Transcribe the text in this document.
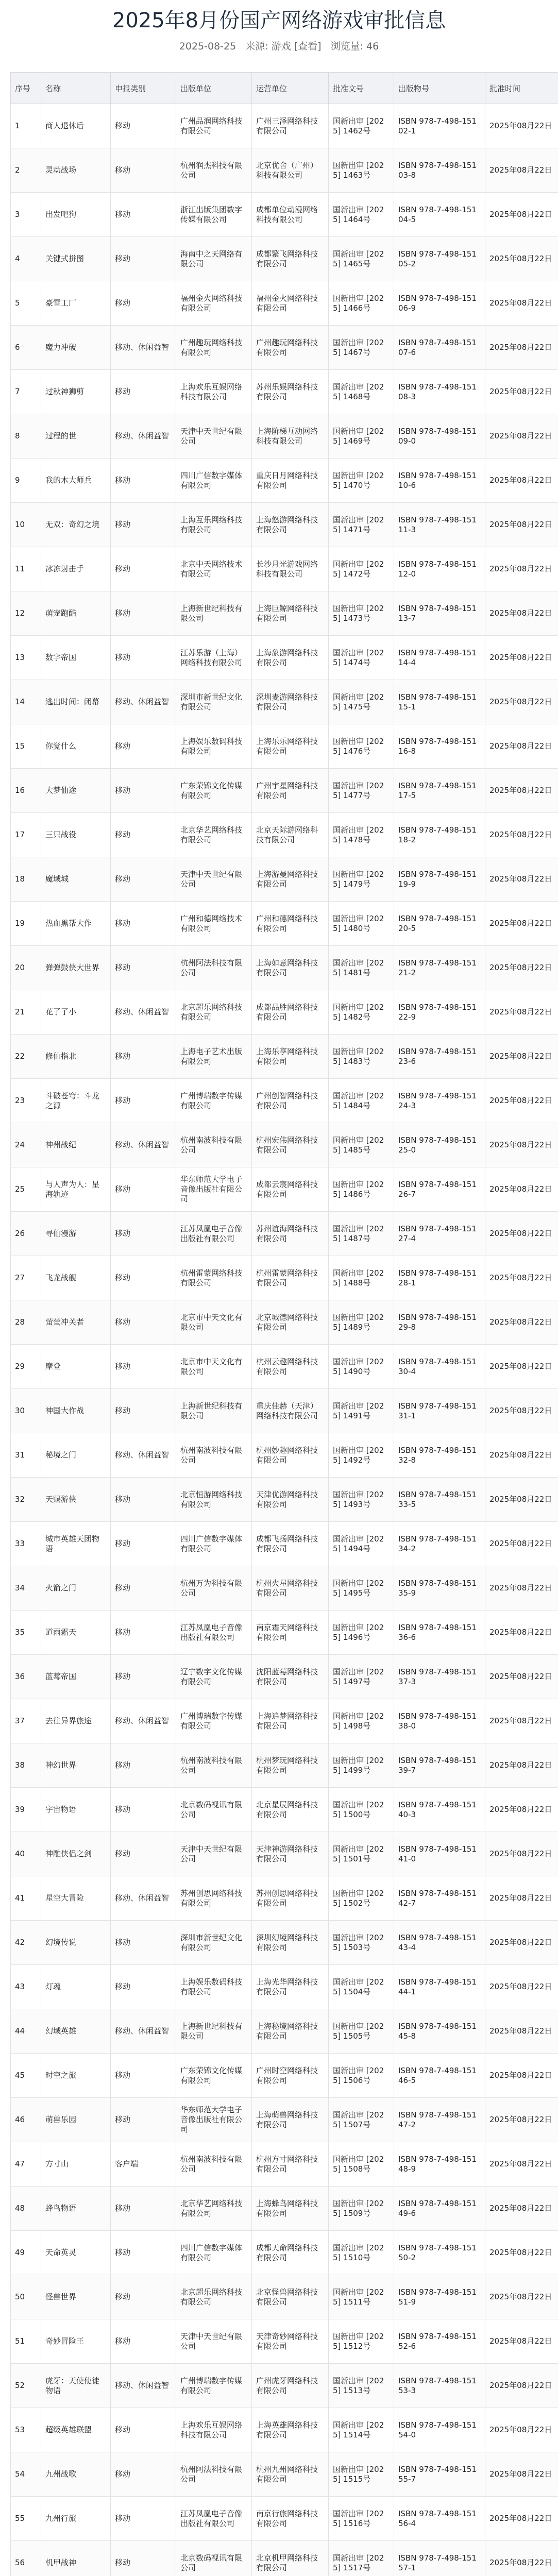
2025年8月份国产网络游戏审批信息
2025-08-25 来源: 游戏 [查看] 浏览量: 46
序号	名称	申报类别	出版单位	运营单位	批准文号	出版物号	批准时间
1	商人退休后	移动	广州品润网络科技有限公司	广州三泽网络科技有限公司	国新出审 [2025] 1462号	ISBN 978-7-498-15102-1	2025年08月22日
2	灵动战场	移动	杭州润杰科技有限公司	北京优舍（广州）科技有限公司	国新出审 [2025] 1463号	ISBN 978-7-498-15103-8	2025年08月22日
3	出发吧狗	移动	浙江出版集团数字传媒有限公司	成都单位动漫网络科技有限公司	国新出审 [2025] 1464号	ISBN 978-7-498-15104-5	2025年08月22日
4	关键式拼图	移动	海南中之天网络有限公司	成都繁飞网络科技有限公司	国新出审 [2025] 1465号	ISBN 978-7-498-15105-2	2025年08月22日
5	豪雪工厂	移动	福州金火网络科技有限公司	福州金火网络科技有限公司	国新出审 [2025] 1466号	ISBN 978-7-498-15106-9	2025年08月22日
6	魔力冲破	移动、休闲益智	广州趣玩网络科技有限公司	广州趣玩网络科技有限公司	国新出审 [2025] 1467号	ISBN 978-7-498-15107-6	2025年08月22日
7	过秋神狮剪	移动	上海欢乐互娱网络科技有限公司	苏州乐娱网络科技有限公司	国新出审 [2025] 1468号	ISBN 978-7-498-15108-3	2025年08月22日
8	过程的世	移动、休闲益智	天津中天世纪有限公司	上海阶梯互动网络科技有限公司	国新出审 [2025] 1469号	ISBN 978-7-498-15109-0	2025年08月22日
9	我的木大师兵	移动	四川广信数字媒体有限公司	重庆日月网络科技有限公司	国新出审 [2025] 1470号	ISBN 978-7-498-15110-6	2025年08月22日
10	无双：奇幻之境	移动	上海互乐网络科技有限公司	上海悠游网络科技有限公司	国新出审 [2025] 1471号	ISBN 978-7-498-15111-3	2025年08月22日
11	冰冻射击手	移动	北京中天网络技术有限公司	长沙月光游戏网络科技有限公司	国新出审 [2025] 1472号	ISBN 978-7-498-15112-0	2025年08月22日
12	萌宠跑酷	移动	上海新世纪科技有限公司	上海巨鲸网络科技有限公司	国新出审 [2025] 1473号	ISBN 978-7-498-15113-7	2025年08月22日
13	数字帝国	移动	江苏乐游（上海）网络科技有限公司	上海象游网络科技有限公司	国新出审 [2025] 1474号	ISBN 978-7-498-15114-4	2025年08月22日
14	逃出时间：闭幕	移动、休闲益智	深圳市新世纪文化有限公司	深圳麦游网络科技有限公司	国新出审 [2025] 1475号	ISBN 978-7-498-15115-1	2025年08月22日
15	你觉什么	移动	上海娱乐数码科技有限公司	上海乐乐网络科技有限公司	国新出审 [2025] 1476号	ISBN 978-7-498-15116-8	2025年08月22日
16	大梦仙途	移动	广东荣锦文化传媒有限公司	广州宇星网络科技有限公司	国新出审 [2025] 1477号	ISBN 978-7-498-15117-5	2025年08月22日
17	三只战役	移动	北京华艺网络科技有限公司	北京天际游网络科技有限公司	国新出审 [2025] 1478号	ISBN 978-7-498-15118-2	2025年08月22日
18	魔域城	移动	天津中天世纪有限公司	上海游曼网络科技有限公司	国新出审 [2025] 1479号	ISBN 978-7-498-15119-9	2025年08月22日
19	热血黑帮大作	移动	广州和德网络技术有限公司	广州和德网络科技有限公司	国新出审 [2025] 1480号	ISBN 978-7-498-15120-5	2025年08月22日
20	弹弹鼓侠大世界	移动	杭州阿法科技有限公司	上海如意网络科技有限公司	国新出审 [2025] 1481号	ISBN 978-7-498-15121-2	2025年08月22日
21	花了了小	移动、休闲益智	北京超乐网络科技有限公司	成都品胜网络科技有限公司	国新出审 [2025] 1482号	ISBN 978-7-498-15122-9	2025年08月22日
22	修仙指北	移动	上海电子艺术出版有限公司	上海乐享网络科技有限公司	国新出审 [2025] 1483号	ISBN 978-7-498-15123-6	2025年08月22日
23	斗破苍穹：斗龙之源	移动	广州博瑞数字传媒有限公司	广州创智网络科技有限公司	国新出审 [2025] 1484号	ISBN 978-7-498-15124-3	2025年08月22日
24	神州战纪	移动、休闲益智	杭州南波科技有限公司	杭州宏伟网络科技有限公司	国新出审 [2025] 1485号	ISBN 978-7-498-15125-0	2025年08月22日
25	与人声为人：星海轨迹	移动	华东师范大学电子音像出版社有限公司	成都云宸网络科技有限公司	国新出审 [2025] 1486号	ISBN 978-7-498-15126-7	2025年08月22日
26	寻仙漫游	移动	江苏凤凰电子音像出版社有限公司	苏州谊海网络科技有限公司	国新出审 [2025] 1487号	ISBN 978-7-498-15127-4	2025年08月22日
27	飞龙战舰	移动	杭州雷蒙网络科技有限公司	杭州雷蒙网络科技有限公司	国新出审 [2025] 1488号	ISBN 978-7-498-15128-1	2025年08月22日
28	萤萤冲关者	移动	北京市中天文化有限公司	北京城德网络科技有限公司	国新出审 [2025] 1489号	ISBN 978-7-498-15129-8	2025年08月22日
29	摩登	移动	北京市中天文化有限公司	杭州云趣网络科技有限公司	国新出审 [2025] 1490号	ISBN 978-7-498-15130-4	2025年08月22日
30	神国大作战	移动	上海新世纪科技有限公司	重庆佳赫（天津）网络科技有限公司	国新出审 [2025] 1491号	ISBN 978-7-498-15131-1	2025年08月22日
31	秘境之门	移动、休闲益智	杭州南波科技有限公司	杭州妙趣网络科技有限公司	国新出审 [2025] 1492号	ISBN 978-7-498-15132-8	2025年08月22日
32	天赐游侠	移动	北京恒游网络科技有限公司	天津优游网络科技有限公司	国新出审 [2025] 1493号	ISBN 978-7-498-15133-5	2025年08月22日
33	城市英雄天团物语	移动	四川广信数字媒体有限公司	成都飞扬网络科技有限公司	国新出审 [2025] 1494号	ISBN 978-7-498-15134-2	2025年08月22日
34	火箭之门	移动	杭州万为科技有限公司	杭州火星网络科技有限公司	国新出审 [2025] 1495号	ISBN 978-7-498-15135-9	2025年08月22日
35	道雨霜天	移动	江苏凤凰电子音像出版社有限公司	南京霜天网络科技有限公司	国新出审 [2025] 1496号	ISBN 978-7-498-15136-6	2025年08月22日
36	蓝莓帝国	移动	辽宁数字文化传媒有限公司	沈阳蓝莓网络科技有限公司	国新出审 [2025] 1497号	ISBN 978-7-498-15137-3	2025年08月22日
37	去往异界旅途	移动、休闲益智	广州博瑞数字传媒有限公司	上海追梦网络科技有限公司	国新出审 [2025] 1498号	ISBN 978-7-498-15138-0	2025年08月22日
38	神幻世界	移动	杭州南波科技有限公司	杭州梦玩网络科技有限公司	国新出审 [2025] 1499号	ISBN 978-7-498-15139-7	2025年08月22日
39	宇宙物语	移动	北京数码视讯有限公司	北京星辰网络科技有限公司	国新出审 [2025] 1500号	ISBN 978-7-498-15140-3	2025年08月22日
40	神雕侠侣之剑	移动	天津中天世纪有限公司	天津神游网络科技有限公司	国新出审 [2025] 1501号	ISBN 978-7-498-15141-0	2025年08月22日
41	星空大冒险	移动、休闲益智	苏州创思网络科技有限公司	苏州创思网络科技有限公司	国新出审 [2025] 1502号	ISBN 978-7-498-15142-7	2025年08月22日
42	幻境传说	移动	深圳市新世纪文化有限公司	深圳幻境网络科技有限公司	国新出审 [2025] 1503号	ISBN 978-7-498-15143-4	2025年08月22日
43	灯魂	移动	上海娱乐数码科技有限公司	上海光华网络科技有限公司	国新出审 [2025] 1504号	ISBN 978-7-498-15144-1	2025年08月22日
44	幻域英雄	移动、休闲益智	上海新世纪科技有限公司	上海秘境网络科技有限公司	国新出审 [2025] 1505号	ISBN 978-7-498-15145-8	2025年08月22日
45	时空之旅	移动	广东荣锦文化传媒有限公司	广州时空网络科技有限公司	国新出审 [2025] 1506号	ISBN 978-7-498-15146-5	2025年08月22日
46	萌兽乐园	移动	华东师范大学电子音像出版社有限公司	上海萌兽网络科技有限公司	国新出审 [2025] 1507号	ISBN 978-7-498-15147-2	2025年08月22日
47	方寸山	客户端	杭州南波科技有限公司	杭州方寸网络科技有限公司	国新出审 [2025] 1508号	ISBN 978-7-498-15148-9	2025年08月22日
48	蜂鸟物语	移动	北京华艺网络科技有限公司	上海蜂鸟网络科技有限公司	国新出审 [2025] 1509号	ISBN 978-7-498-15149-6	2025年08月22日
49	天命英灵	移动	四川广信数字媒体有限公司	成都天命网络科技有限公司	国新出审 [2025] 1510号	ISBN 978-7-498-15150-2	2025年08月22日
50	怪兽世界	移动	北京超乐网络科技有限公司	北京怪兽网络科技有限公司	国新出审 [2025] 1511号	ISBN 978-7-498-15151-9	2025年08月22日
51	奇妙冒险王	移动	天津中天世纪有限公司	天津奇妙网络科技有限公司	国新出审 [2025] 1512号	ISBN 978-7-498-15152-6	2025年08月22日
52	虎牙：天使使徒物语	移动、休闲益智	广州博瑞数字传媒有限公司	广州虎牙网络科技有限公司	国新出审 [2025] 1513号	ISBN 978-7-498-15153-3	2025年08月22日
53	超级英雄联盟	移动	上海欢乐互娱网络科技有限公司	上海英雄网络科技有限公司	国新出审 [2025] 1514号	ISBN 978-7-498-15154-0	2025年08月22日
54	九州战歌	移动	杭州阿法科技有限公司	杭州九州网络科技有限公司	国新出审 [2025] 1515号	ISBN 978-7-498-15155-7	2025年08月22日
55	九州行旅	移动	江苏凤凰电子音像出版社有限公司	南京行旅网络科技有限公司	国新出审 [2025] 1516号	ISBN 978-7-498-15156-4	2025年08月22日
56	机甲战神	移动	北京数码视讯有限公司	北京机甲网络科技有限公司	国新出审 [2025] 1517号	ISBN 978-7-498-15157-1	2025年08月22日
